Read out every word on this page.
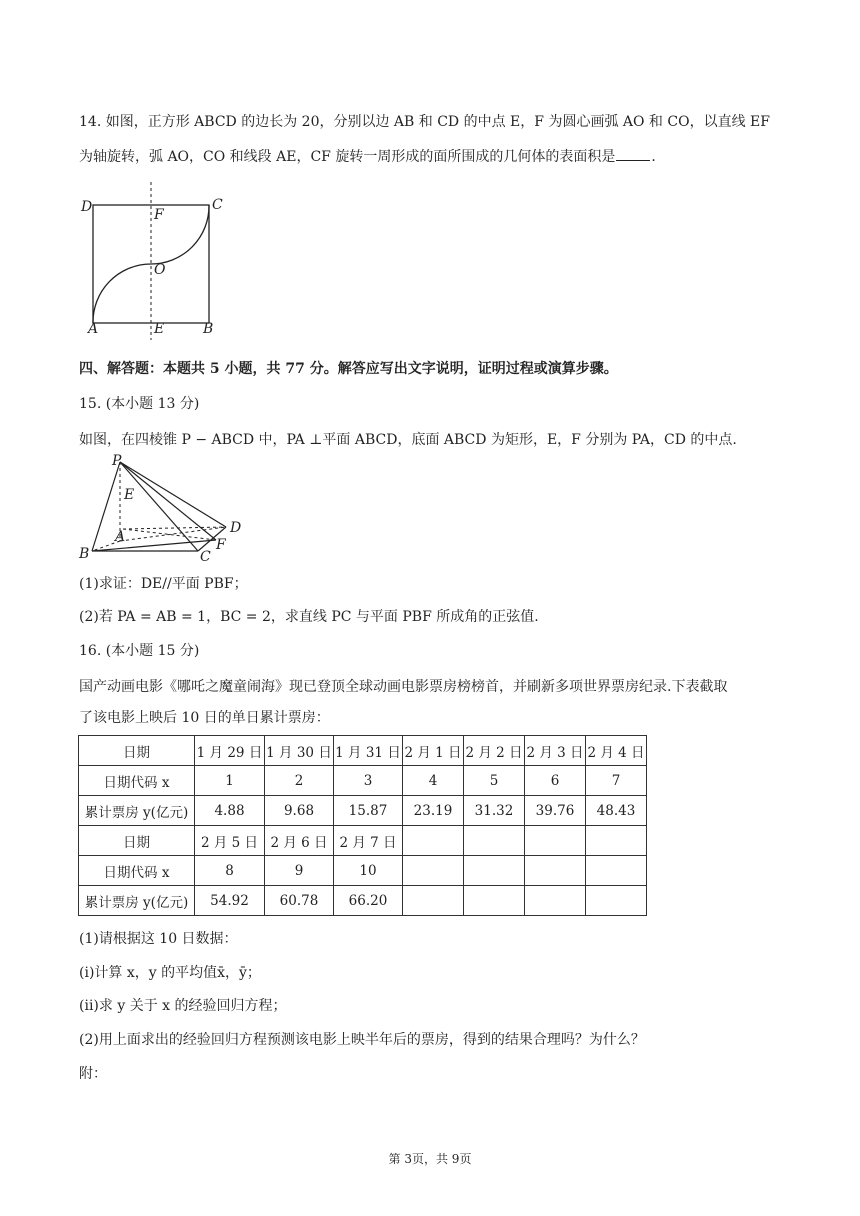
14. 如图，正方形 ABCD 的边长为 20，分别以边 AB 和 CD 的中点 E，F 为圆心画弧 AO 和 CO，以直线 EF
为轴旋转，弧 AO，CO 和线段 AE，CF 旋转一周形成的面所围成的几何体的表面积是	．
D	C
F
O
A	E	B
四、解答题：本题共 5 小题，共 77 分。解答应写出文字说明，证明过程或演算步骤。
15. (本小题 13 分)
如图，在四棱锥 P − ABCD 中，PA ⊥平面 ABCD，底面 ABCD 为矩形，E，F 分别为 PA，CD 的中点.
P
E
A
D
B	C
F
(1)求证：DE//平面 PBF；
(2)若 PA = AB = 1，BC = 2，求直线 PC 与平面 PBF 所成角的正弦值.
16. (本小题 15 分)
国产动画电影《哪吒之魔童闹海》现已登顶全球动画电影票房榜榜首，并刷新多项世界票房纪录.下表截取
了该电影上映后 10 日的单日累计票房：
日期	1 月 29 日	1 月 30 日	1 月 31 日	2 月 1 日	2 月 2 日	2 月 3 日	2 月 4 日
日期代码 x	1	2	3	4	5	6	7
累计票房 y(亿元)	4.88	9.68	15.87	23.19	31.32	39.76	48.43
日期	2 月 5 日	2 月 6 日	2 月 7 日				
日期代码 x	8	9	10				
累计票房 y(亿元)	54.92	60.78	66.20				
(1)请根据这 10 日数据：
(i)计算 x，y 的平均值x̄，ȳ；
(ii)求 y 关于 x 的经验回归方程；
(2)用上面求出的经验回归方程预测该电影上映半年后的票房，得到的结果合理吗？为什么？
附：
第 3页，共 9页
